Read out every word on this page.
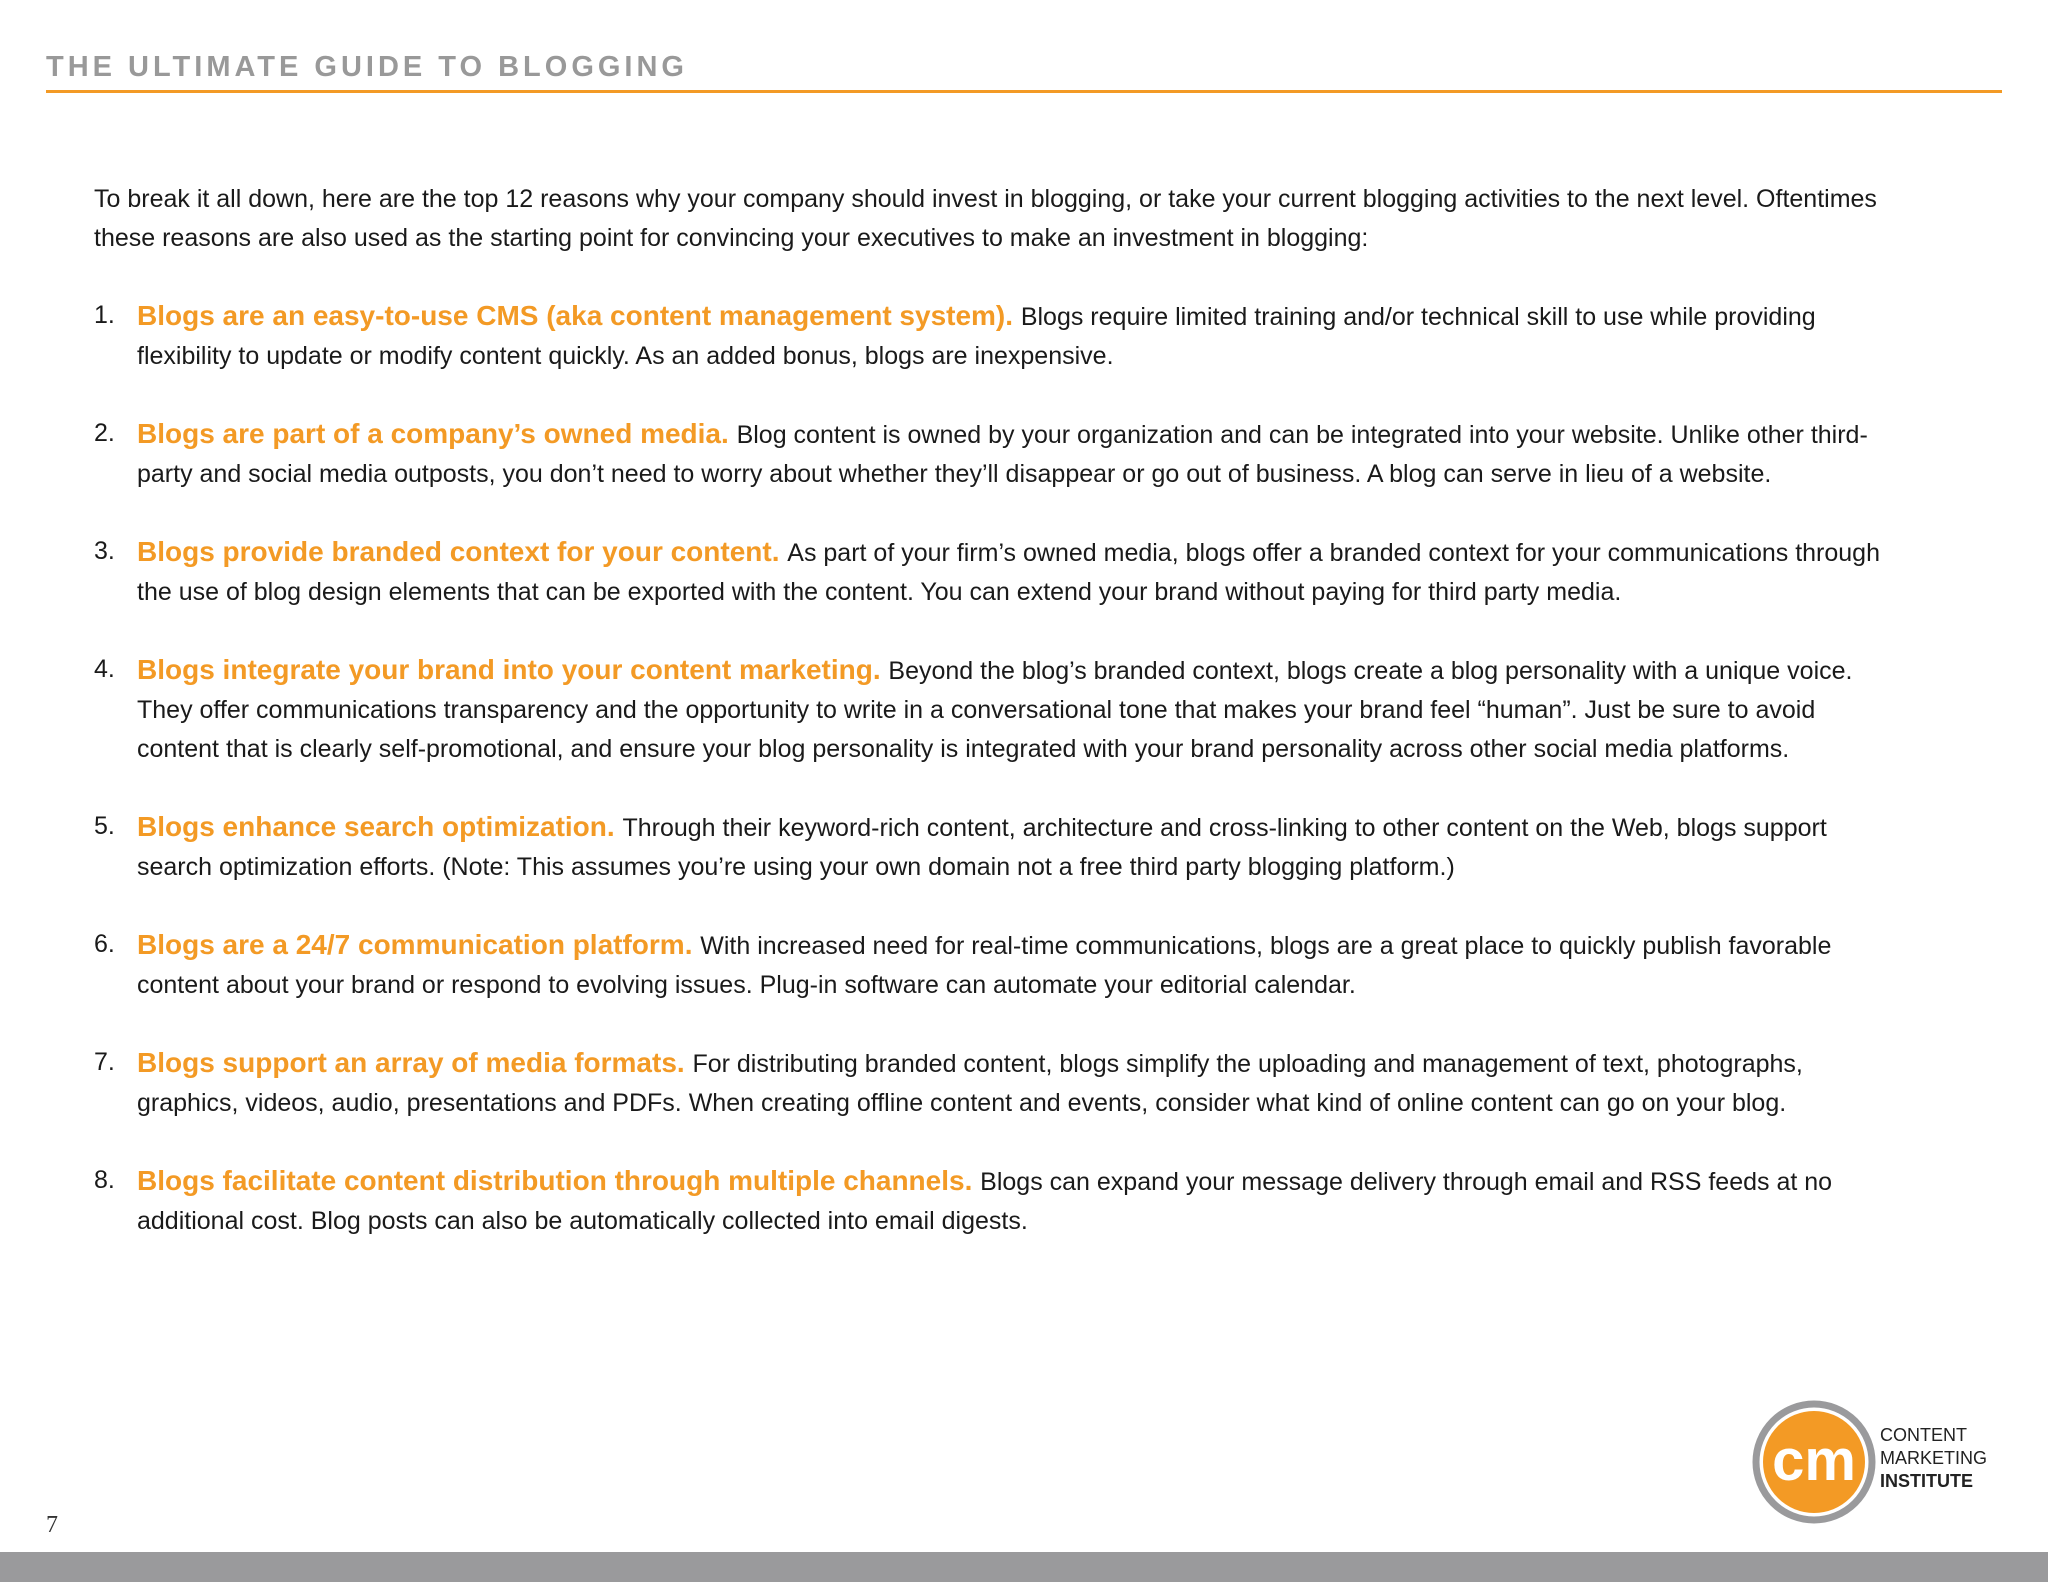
THE ULTIMATE GUIDE TO BLOGGING

To break it all down, here are the top 12 reasons why your company should invest in blogging, or take your current blogging activities to the next level. Oftentimes these reasons are also used as the starting point for convincing your executives to make an investment in blogging:

1. Blogs are an easy-to-use CMS (aka content management system). Blogs require limited training and/or technical skill to use while providing flexibility to update or modify content quickly. As an added bonus, blogs are inexpensive.
2. Blogs are part of a company’s owned media. Blog content is owned by your organization and can be integrated into your website. Unlike other third-party and social media outposts, you don’t need to worry about whether they’ll disappear or go out of business. A blog can serve in lieu of a website.
3. Blogs provide branded context for your content. As part of your firm’s owned media, blogs offer a branded context for your communications through the use of blog design elements that can be exported with the content. You can extend your brand without paying for third party media.
4. Blogs integrate your brand into your content marketing. Beyond the blog’s branded context, blogs create a blog personality with a unique voice. They offer communications transparency and the opportunity to write in a conversational tone that makes your brand feel “human”. Just be sure to avoid content that is clearly self-promotional, and ensure your blog personality is integrated with your brand personality across other social media platforms.
5. Blogs enhance search optimization. Through their keyword-rich content, architecture and cross-linking to other content on the Web, blogs support search optimization efforts. (Note: This assumes you’re using your own domain not a free third party blogging platform.)
6. Blogs are a 24/7 communication platform. With increased need for real-time communications, blogs are a great place to quickly publish favorable content about your brand or respond to evolving issues. Plug-in software can automate your editorial calendar.
7. Blogs support an array of media formats. For distributing branded content, blogs simplify the uploading and management of text, photographs, graphics, videos, audio, presentations and PDFs. When creating offline content and events, consider what kind of online content can go on your blog.
8. Blogs facilitate content distribution through multiple channels. Blogs can expand your message delivery through email and RSS feeds at no additional cost. Blog posts can also be automatically collected into email digests.
cm CONTENT
MARKETING
INSTITUTE
7
